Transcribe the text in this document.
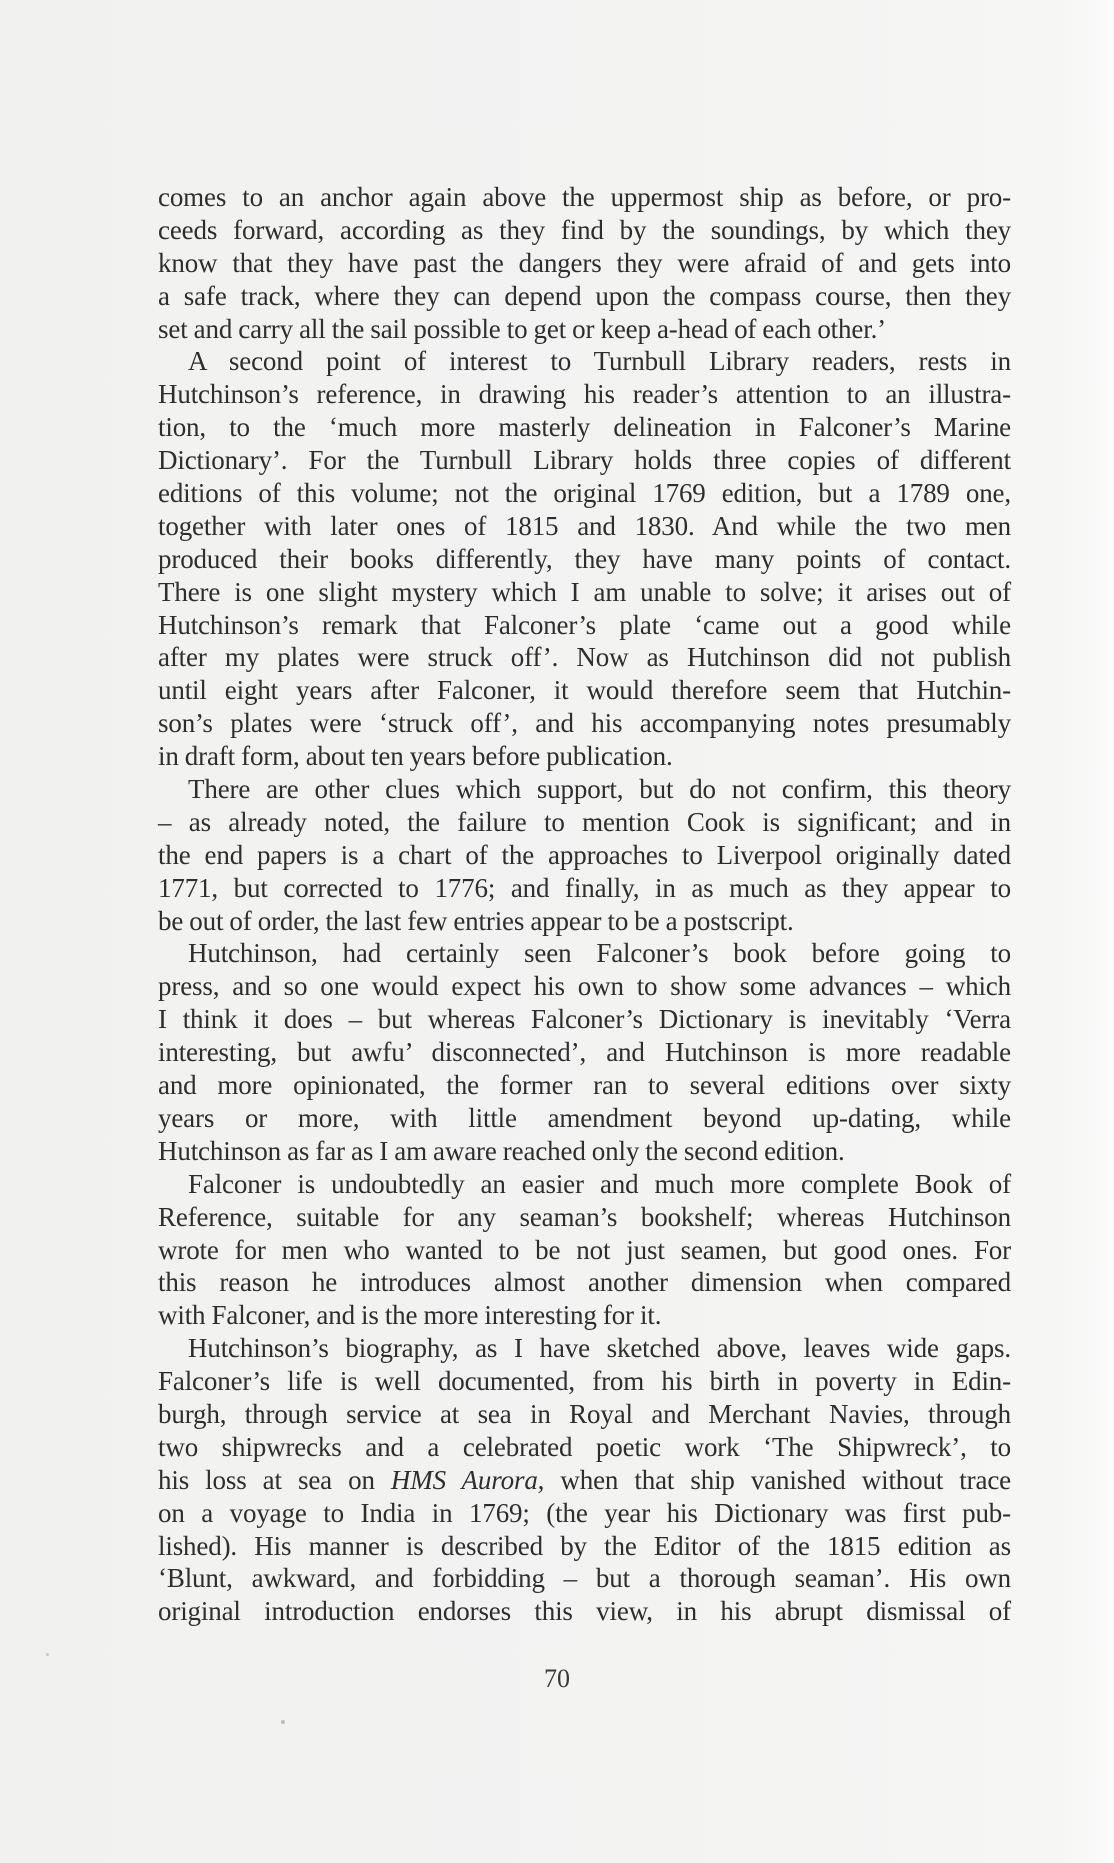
comes to an anchor again above the uppermost ship as before, or pro-
ceeds forward, according as they find by the soundings, by which they
know that they have past the dangers they were afraid of and gets into
a safe track, where they can depend upon the compass course, then they
set and carry all the sail possible to get or keep a-head of each other.’
A second point of interest to Turnbull Library readers, rests in
Hutchinson’s reference, in drawing his reader’s attention to an illustra-
tion, to the ‘much more masterly delineation in Falconer’s Marine
Dictionary’. For the Turnbull Library holds three copies of different
editions of this volume; not the original 1769 edition, but a 1789 one,
together with later ones of 1815 and 1830. And while the two men
produced their books differently, they have many points of contact.
There is one slight mystery which I am unable to solve; it arises out of
Hutchinson’s remark that Falconer’s plate ‘came out a good while
after my plates were struck off’. Now as Hutchinson did not publish
until eight years after Falconer, it would therefore seem that Hutchin-
son’s plates were ‘struck off’, and his accompanying notes presumably
in draft form, about ten years before publication.
There are other clues which support, but do not confirm, this theory
– as already noted, the failure to mention Cook is significant; and in
the end papers is a chart of the approaches to Liverpool originally dated
1771, but corrected to 1776; and finally, in as much as they appear to
be out of order, the last few entries appear to be a postscript.
Hutchinson, had certainly seen Falconer’s book before going to
press, and so one would expect his own to show some advances – which
I think it does – but whereas Falconer’s Dictionary is inevitably ‘Verra
interesting, but awfu’ disconnected’, and Hutchinson is more readable
and more opinionated, the former ran to several editions over sixty
years or more, with little amendment beyond up-dating, while
Hutchinson as far as I am aware reached only the second edition.
Falconer is undoubtedly an easier and much more complete Book of
Reference, suitable for any seaman’s bookshelf; whereas Hutchinson
wrote for men who wanted to be not just seamen, but good ones. For
this reason he introduces almost another dimension when compared
with Falconer, and is the more interesting for it.
Hutchinson’s biography, as I have sketched above, leaves wide gaps.
Falconer’s life is well documented, from his birth in poverty in Edin-
burgh, through service at sea in Royal and Merchant Navies, through
two shipwrecks and a celebrated poetic work ‘The Shipwreck’, to
his loss at sea on HMS Aurora, when that ship vanished without trace
on a voyage to India in 1769; (the year his Dictionary was first pub-
lished). His manner is described by the Editor of the 1815 edition as
‘Blunt, awkward, and forbidding – but a thorough seaman’. His own
original introduction endorses this view, in his abrupt dismissal of
70
